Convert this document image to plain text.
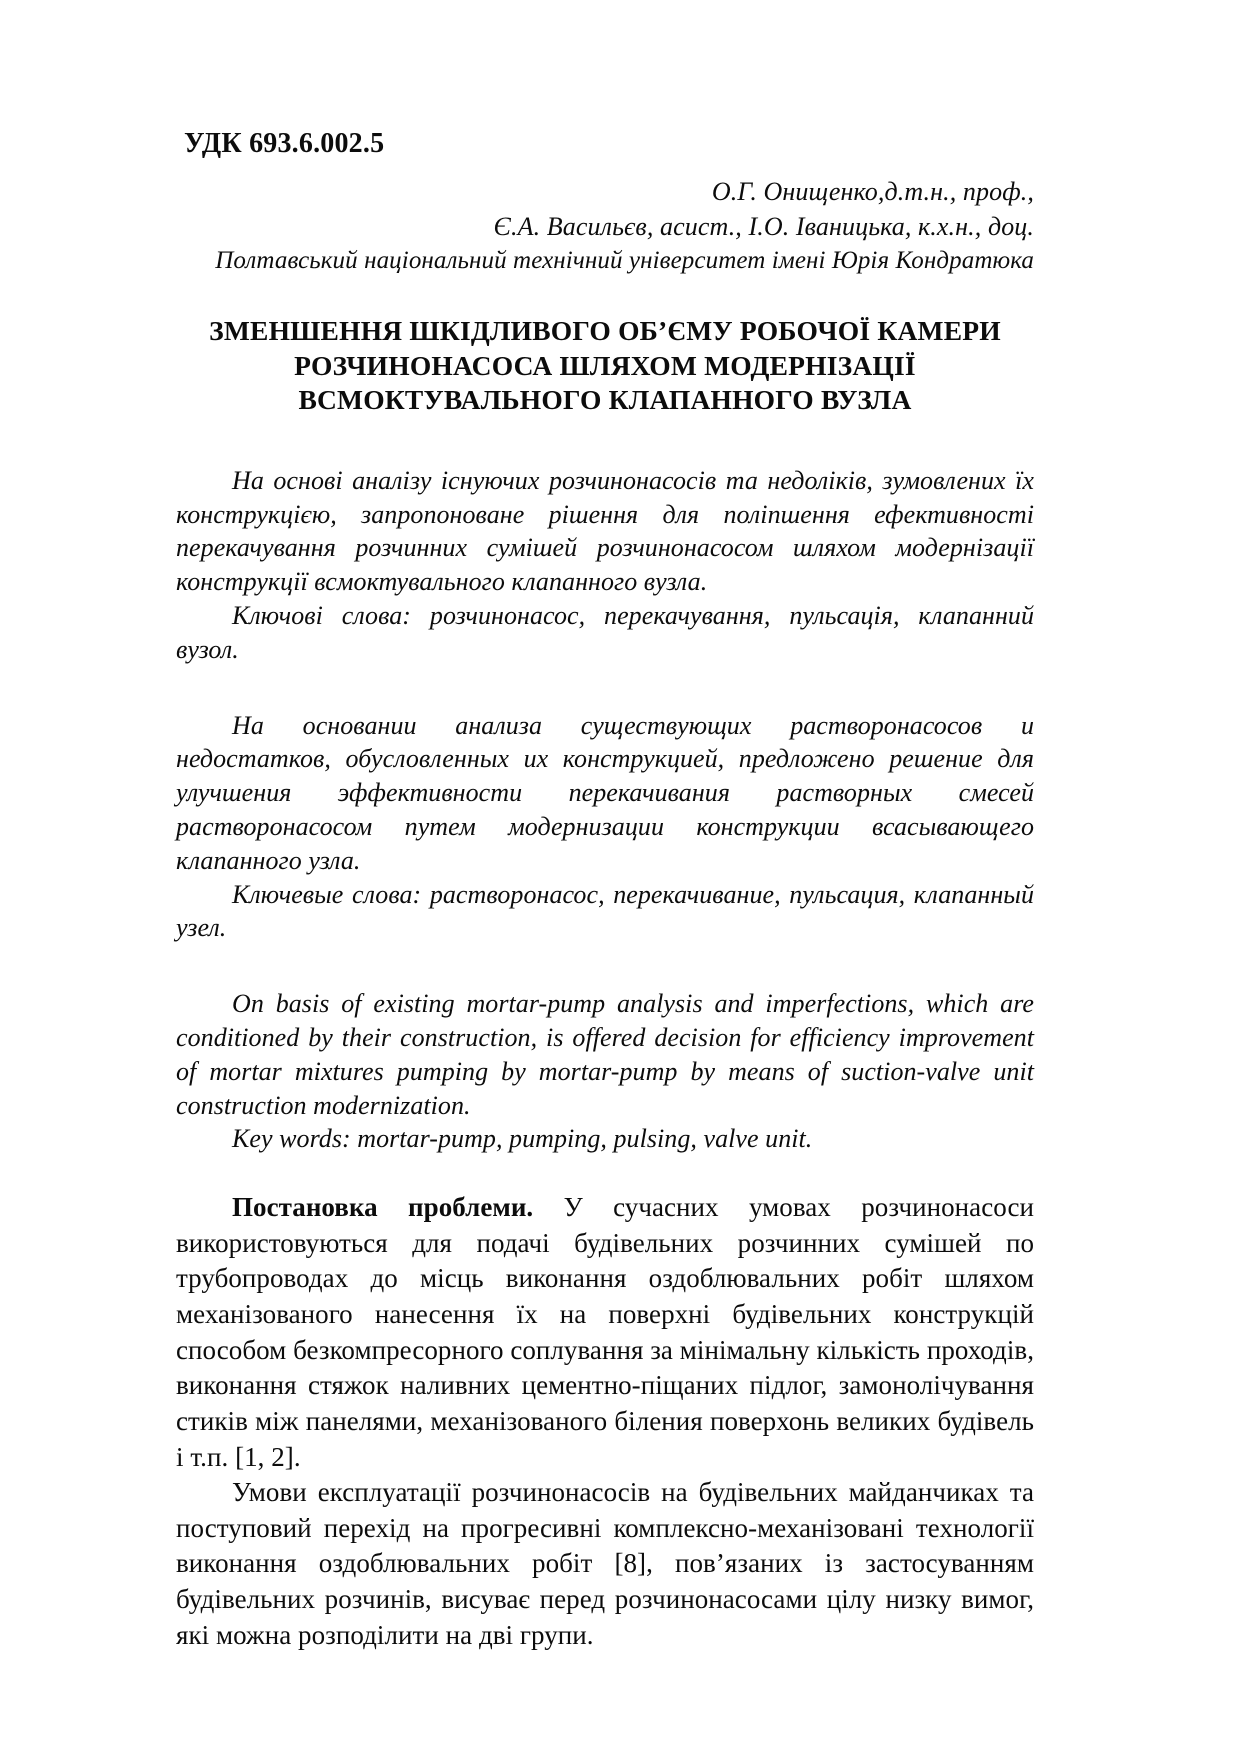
УДК 693.6.002.5
О.Г. Онищенко,д.т.н., проф.,
Є.А. Васильєв, асист., І.О. Іваницька, к.х.н., доц.
Полтавський національний технічний університет імені Юрія Кондратюка
ЗМЕНШЕННЯ ШКІДЛИВОГО ОБ’ЄМУ РОБОЧОЇ КАМЕРИ
РОЗЧИНОНАСОСА ШЛЯХОМ МОДЕРНІЗАЦІЇ
ВСМОКТУВАЛЬНОГО КЛАПАННОГО ВУЗЛА

На основі аналізу існуючих розчинонасосів та недоліків, зумовлених їх конструкцією, запропоноване рішення для поліпшення ефективності перекачування розчинних сумішей розчинонасосом шляхом модернізації конструкції всмоктувального клапанного вузла.

Ключові слова: розчинонасос, перекачування, пульсація, клапанний вузол.

На основании анализа существующих растворонасосов и недостатков, обусловленных их конструкцией, предложено решение для улучшения эффективности перекачивания растворных смесей растворонасосом путем модернизации конструкции всасывающего клапанного узла.

Ключевые слова: растворонасос, перекачивание, пульсация, клапанный узел.

On basis of existing mortar-pump analysis and imperfections, which are conditioned by their construction, is offered decision for efficiency improvement of mortar mixtures pumping by mortar-pump by means of suction-valve unit construction modernization.

Key words: mortar-pump, pumping, pulsing, valve unit.

Постановка проблеми. У сучасних умовах розчинонасоси використовуються для подачі будівельних розчинних сумішей по трубопроводах до місць виконання оздоблювальних робіт шляхом механізованого нанесення їх на поверхні будівельних конструкцій способом безкомпресорного соплування за мінімальну кількість проходів, виконання стяжок наливних цементно-піщаних підлог, замонолічування стиків між панелями, механізованого біления поверхонь великих будівель і т.п. [1, 2].

Умови експлуатації розчинонасосів на будівельних майданчиках та поступовий перехід на прогресивні комплексно-механізовані технології виконання оздоблювальних робіт [8], пов’язаних із застосуванням будівельних розчинів, висуває перед розчинонасосами цілу низку вимог, які можна розподілити на дві групи.
